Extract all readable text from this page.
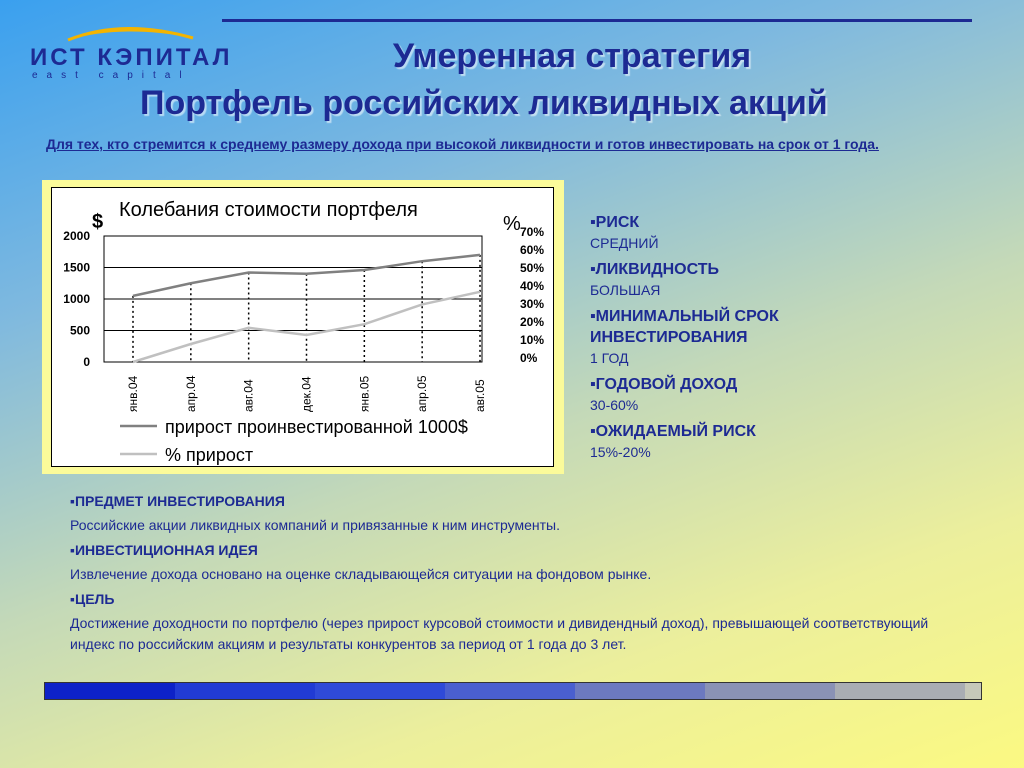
ИСТ КЭПИТАЛ
east capital
Умеренная стратегия
Портфель российских ликвидных акций
Для тех, кто стремится к среднему размеру дохода при высокой ликвидности и готов инвестировать на срок от 1 года.
Колебания стоимости портфеля
$	%
2000
1500
1000
500
0
70%
60%
50%
40%
30%
20%
10%
0%
янв.04	апр.04	авг.04	дек.04	янв.05	апр.05	авг.05
прирост проинвестированной 1000$
% прирост
▪РИСК
СРЕДНИЙ
▪ЛИКВИДНОСТЬ
БОЛЬШАЯ
▪МИНИМАЛЬНЫЙ СРОК ИНВЕСТИРОВАНИЯ
1 ГОД
▪ГОДОВОЙ ДОХОД
30-60%
▪ОЖИДАЕМЫЙ РИСК
15%-20%
▪ПРЕДМЕТ ИНВЕСТИРОВАНИЯ
Российские акции ликвидных компаний и привязанные к ним инструменты.
▪ИНВЕСТИЦИОННАЯ ИДЕЯ
Извлечение дохода основано на оценке складывающейся ситуации на фондовом рынке.
▪ЦЕЛЬ
Достижение доходности по портфелю (через прирост курсовой стоимости и дивидендный доход), превышающей соответствующий индекс по российским акциям и результаты конкурентов за период от 1 года до 3 лет.
